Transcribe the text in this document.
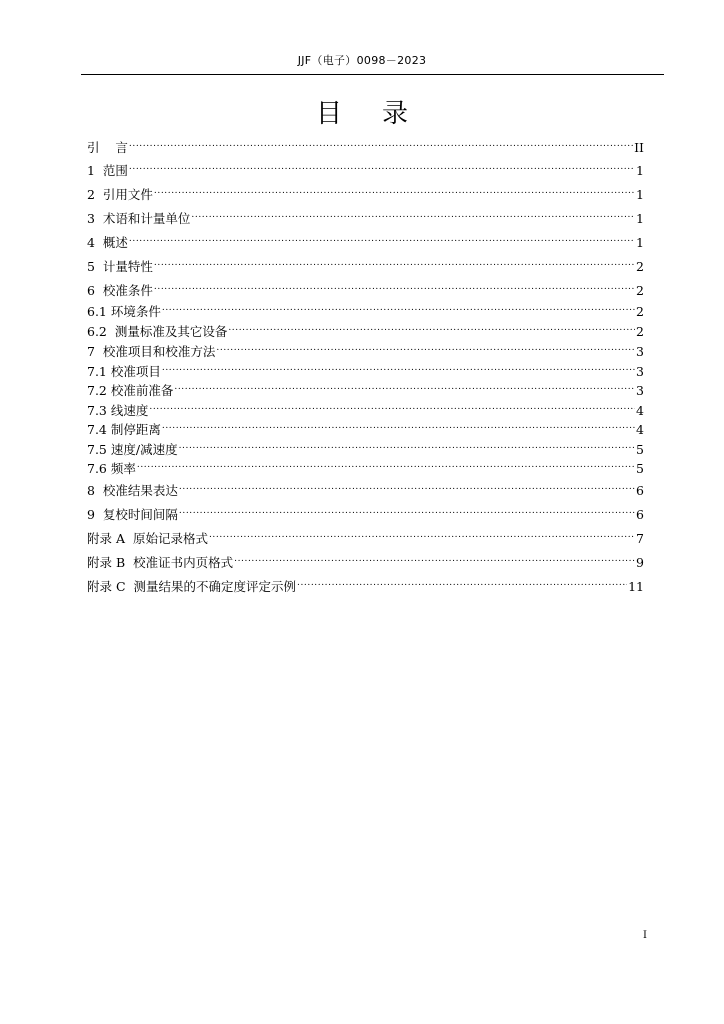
JJF（电子）0098－2023
目录
引    言 .....	II
1  范围 .....	1
2  引用文件 .....	1
3  术语和计量单位 .....	1
4  概述 .....	1
5  计量特性 .....	2
6  校准条件 .....	2
6.1 环境条件 .....	2
6.2  测量标准及其它设备 .....	2
7  校准项目和校准方法 .....	3
7.1 校准项目 .....	3
7.2 校准前准备 .....	3
7.3 线速度 .....	4
7.4 制停距离 .....	4
7.5 速度/减速度 .....	5
7.6 频率 .....	5
8  校准结果表达 .....	6
9  复校时间间隔 .....	6
附录 A  原始记录格式 .....	7
附录 B  校准证书内页格式 .....	9
附录 C  测量结果的不确定度评定示例 .....	11
I
